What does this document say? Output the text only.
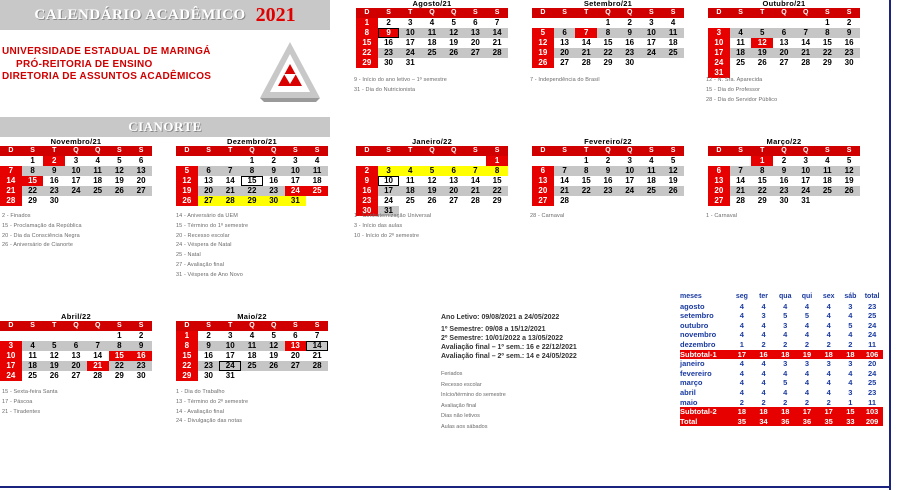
CALENDÁRIO ACADÊMICO 2021
UNIVERSIDADE ESTADUAL DE MARINGÁ
PRÓ-REITORIA DE ENSINO
DIRETORIA DE ASSUNTOS ACADÊMICOS
CIANORTE
Agosto/21
D	S	T	Q	Q	S	S
1	2	3	4	5	6	7
8	9	10	11	12	13	14
15	16	17	18	19	20	21
22	23	24	25	26	27	28
29	30	31				
Setembro/21
D	S	T	Q	Q	S	S
			1	2	3	4
5	6	7	8	9	10	11
12	13	14	15	16	17	18
19	20	21	22	23	24	25
26	27	28	29	30		
Outubro/21
D	S	T	Q	Q	S	S
					1	2
3	4	5	6	7	8	9
10	11	12	13	14	15	16
17	18	19	20	21	22	23
24	25	26	27	28	29	30
31						
Novembro/21
D	S	T	Q	Q	S	S
	1	2	3	4	5	6
7	8	9	10	11	12	13
14	15	16	17	18	19	20
21	22	23	24	25	26	27
28	29	30				
Dezembro/21
D	S	T	Q	Q	S	S
			1	2	3	4
5	6	7	8	9	10	11
12	13	14	15	16	17	18
19	20	21	22	23	24	25
26	27	28	29	30	31	
Janeiro/22
D	S	T	Q	Q	S	S
						1
2	3	4	5	6	7	8
9	10	11	12	13	14	15
16	17	18	19	20	21	22
23	24	25	26	27	28	29
30	31					
Fevereiro/22
D	S	T	Q	Q	S	S
		1	2	3	4	5
6	7	8	9	10	11	12
13	14	15	16	17	18	19
20	21	22	23	24	25	26
27	28					
Março/22
D	S	T	Q	Q	S	S
		1	2	3	4	5
6	7	8	9	10	11	12
13	14	15	16	17	18	19
20	21	22	23	24	25	26
27	28	29	30	31		
Abril/22
D	S	T	Q	Q	S	S
					1	2
3	4	5	6	7	8	9
10	11	12	13	14	15	16
17	18	19	20	21	22	23
24	25	26	27	28	29	30
Maio/22
D	S	T	Q	Q	S	S
1	2	3	4	5	6	7
8	9	10	11	12	13	14
15	16	17	18	19	20	21
22	23	24	25	26	27	28
29	30	31				
9 - Início do ano letivo – 1º semestre
31 - Dia do Nutricionista
7 - Independência do Brasil	12 - N. Sra. Aparecida
15 - Dia do Professor
28 - Dia do Servidor Público
2 - Finados
15 - Proclamação da República
20 - Dia da Consciência Negra
26 - Aniversário de Cianorte
14 - Aniversário da UEM
15 - Término do 1º semestre
20 - Recesso escolar
24 - Véspera de Natal
25 - Natal
27 - Avaliação final
31 - Véspera de Ano Novo
1 - Confraternização Universal
3 - Início das aulas
10 - Início do 2º semestre
28 - Carnaval	1 - Carnaval
15 - Sexta-feira Santa
17 - Páscoa
21 - Tiradentes
1 - Dia do Trabalho
13 - Término do 2º semestre
14 - Avaliação final
24 - Divulgação das notas
Ano Letivo: 09/08/2021 a 24/05/2022
1º Semestre: 09/08 a 15/12/2021
2º Semestre: 10/01/2022 a 13/05/2022
Avaliação final – 1º sem.: 16 e 22/12/2021
Avaliação final – 2º sem.: 14 e 24/05/2022
Feriados
Recesso escolar
Início/término do semestre
Avaliação final
Dias não letivos
Aulas aos sábados
meses	seg	ter	qua	qui	sex	sáb	total
agosto	4	4	4	4	4	3	23
setembro	4	3	5	5	4	4	25
outubro	4	4	3	4	4	5	24
novembro	4	4	4	4	4	4	24
dezembro	1	2	2	2	2	2	11
Subtotal-1	17	16	18	19	18	18	106
janeiro	4	4	3	3	3	3	20
fevereiro	4	4	4	4	4	4	24
março	4	4	5	4	4	4	25
abril	4	4	4	4	4	3	23
maio	2	2	2	2	2	1	11
Subtotal-2	18	18	18	17	17	15	103
Total	35	34	36	36	35	33	209
